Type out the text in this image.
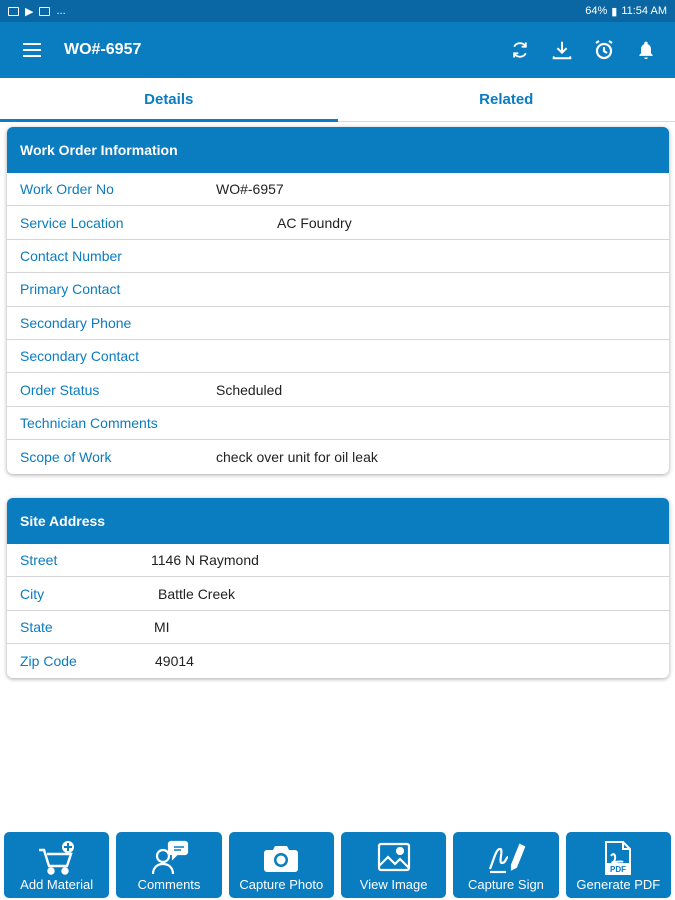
▶ ...	64% ▮ 11:54 AM
WO#-6957
Details	Related
Work Order Information
Work Order No	WO#-6957
Service Location	AC Foundry
Contact Number
Primary Contact
Secondary Phone
Secondary Contact
Order Status	Scheduled
Technician Comments
Scope of Work	check over unit for oil leak
Site Address
Street	1146 N Raymond
City	Battle Creek
State	MI
Zip Code	49014
Add Material	Comments	Capture Photo	View Image	Capture Sign
PDF
Generate PDF
